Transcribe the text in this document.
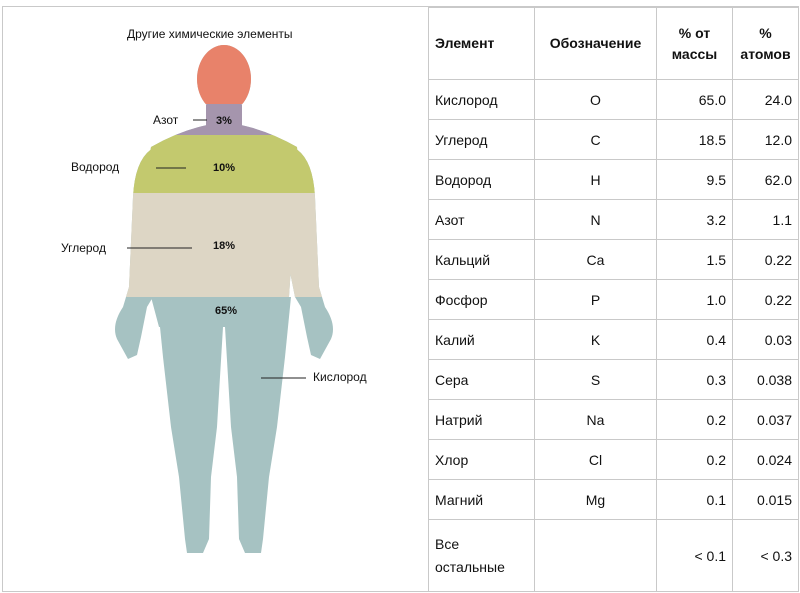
Другие химические элементы
Азот
Водород
Углерод
Кислород
3%
10%
18%
65%
Элемент	Обозначение	% от массы	% атомов
Кислород	O	65.0	24.0
Углерод	C	18.5	12.0
Водород	H	9.5	62.0
Азот	N	3.2	1.1
Кальций	Ca	1.5	0.22
Фосфор	P	1.0	0.22
Калий	K	0.4	0.03
Сера	S	0.3	0.038
Натрий	Na	0.2	0.037
Хлор	Cl	0.2	0.024
Магний	Mg	0.1	0.015
Все остальные		< 0.1	< 0.3
